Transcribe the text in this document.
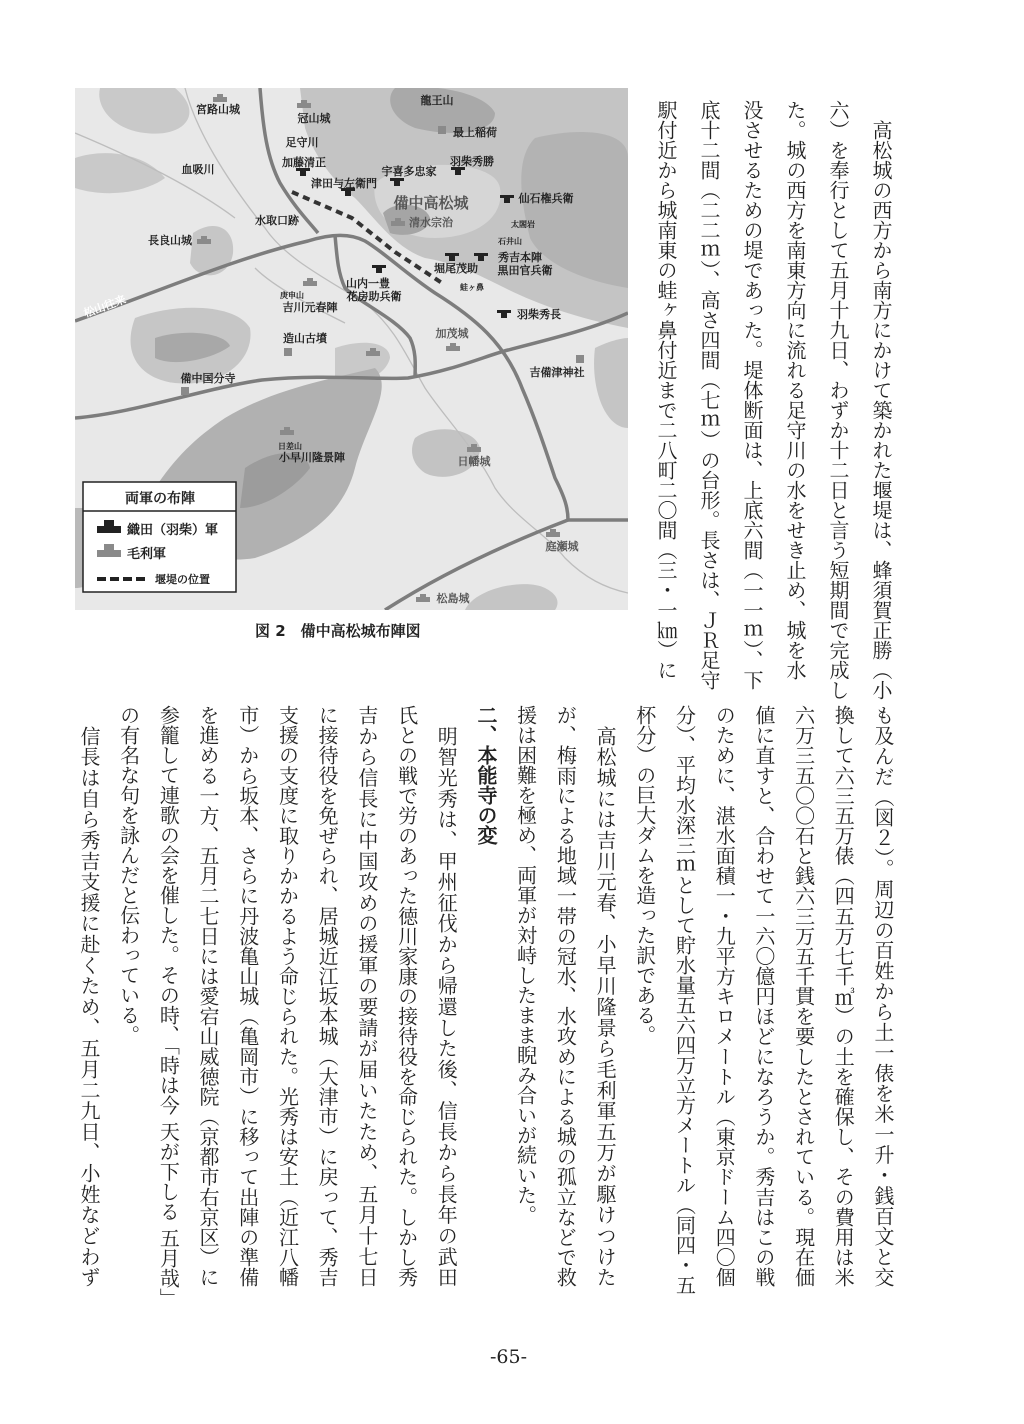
宮路山城
冠山城
龍王山
最上稲荷
足守川
加藤清正
血吸川	宇喜多忠家
羽柴秀勝
津田与左衛門
備中高松城	仙石権兵衛
水取口跡	清水宗治	太閤岩
長良山城	石井山
堀尾茂助
秀吉本陣
黒田官兵衛
山内一豊
花房助兵衛
蛙ヶ鼻
庚申山
吉川元春陣
松山往来	羽柴秀長
加茂城
造山古墳
吉備津神社
備中国分寺
日差山
小早川隆景陣	日幡城
庭瀬城
松島城
両軍の布陣
織田（羽柴）軍
毛利軍
堰堤の位置
図 2　備中高松城布陣図	　高松城の西方から南方にかけて築かれた堰堤は、蜂須賀正勝（小
六）を奉行として五月十九日、わずか十二日と言う短期間で完成し
た。城の西方を南東方向に流れる足守川の水をせき止め、城を水
没させるための堤であった。堤体断面は、上底六間（一一ｍ）、下
底十二間（二二ｍ）、高さ四間（七ｍ）の台形。長さは、ＪＲ足守
駅付近から城南東の蛙ヶ鼻付近まで二八町二〇間（三・一㎞）に
も及んだ（図２）。周辺の百姓から土一俵を米一升・銭百文と交
換して六三五万俵（四五万七千㎥）の土を確保し、その費用は米
六万三五〇〇石と銭六三万五千貫を要したとされている。現在価
値に直すと、合わせて一六〇億円ほどになろうか。秀吉はこの戦
のために、湛水面積一・九平方キロメートル（東京ドーム四〇個
分）、平均水深三ｍとして貯水量五六四万立方メートル（同四・五
杯分）の巨大ダムを造った訳である。
　高松城には吉川元春、小早川隆景ら毛利軍五万が駆けつけた
が、梅雨による地域一帯の冠水、水攻めによる城の孤立などで救
援は困難を極め、両軍が対峙したまま睨み合いが続いた。
二、本能寺の変
　明智光秀は、甲州征伐から帰還した後、信長から長年の武田
氏との戦で労のあった徳川家康の接待役を命じられた。しかし秀
吉から信長に中国攻めの援軍の要請が届いたため、五月十七日
に接待役を免ぜられ、居城近江坂本城（大津市）に戻って、秀吉
支援の支度に取りかかるよう命じられた。光秀は安土（近江八幡
市）から坂本、さらに丹波亀山城（亀岡市）に移って出陣の準備
を進める一方、五月二七日には愛宕山威徳院（京都市右京区）に
参籠して連歌の会を催した。その時、「時は今 天が下しる 五月哉」
の有名な句を詠んだと伝わっている。
　信長は自ら秀吉支援に赴くため、五月二九日、小姓などわず
-65-
